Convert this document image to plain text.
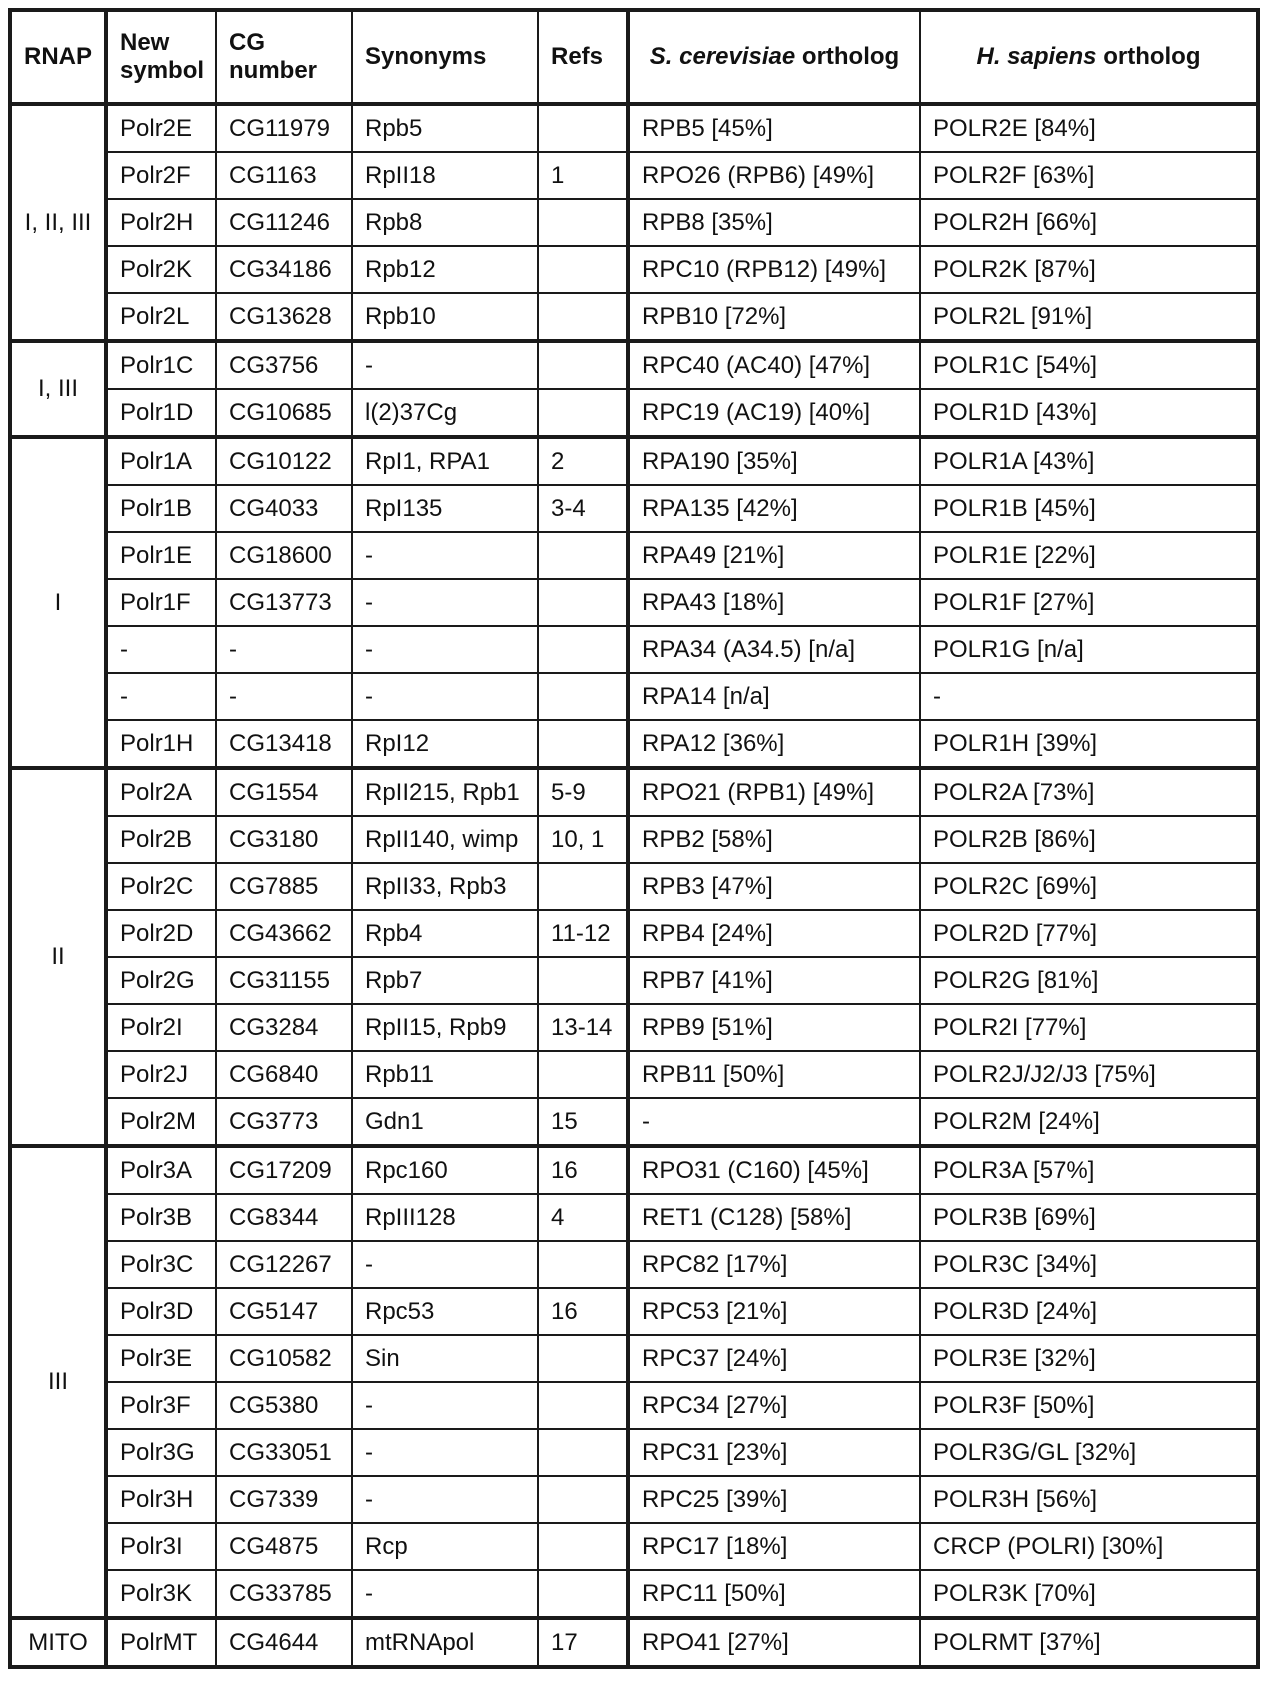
RNAP	New symbol	CG number	Synonyms	Refs	S. cerevisiae ortholog	H. sapiens ortholog
I, II, III	Polr2E	CG11979	Rpb5		RPB5 [45%]	POLR2E [84%]
	Polr2F	CG1163	RpII18	1	RPO26 (RPB6) [49%]	POLR2F [63%]
	Polr2H	CG11246	Rpb8		RPB8 [35%]	POLR2H [66%]
	Polr2K	CG34186	Rpb12		RPC10 (RPB12) [49%]	POLR2K [87%]
	Polr2L	CG13628	Rpb10		RPB10 [72%]	POLR2L [91%]
I, III	Polr1C	CG3756	-		RPC40 (AC40) [47%]	POLR1C [54%]
	Polr1D	CG10685	l(2)37Cg		RPC19 (AC19) [40%]	POLR1D [43%]
I	Polr1A	CG10122	RpI1, RPA1	2	RPA190 [35%]	POLR1A [43%]
	Polr1B	CG4033	RpI135	3-4	RPA135 [42%]	POLR1B [45%]
	Polr1E	CG18600	-		RPA49 [21%]	POLR1E [22%]
	Polr1F	CG13773	-		RPA43 [18%]	POLR1F [27%]
	-	-	-		RPA34 (A34.5) [n/a]	POLR1G [n/a]
	-	-	-		RPA14 [n/a]	-
	Polr1H	CG13418	RpI12		RPA12 [36%]	POLR1H [39%]
II	Polr2A	CG1554	RpII215, Rpb1	5-9	RPO21 (RPB1) [49%]	POLR2A [73%]
	Polr2B	CG3180	RpII140, wimp	10, 1	RPB2 [58%]	POLR2B [86%]
	Polr2C	CG7885	RpII33, Rpb3		RPB3 [47%]	POLR2C [69%]
	Polr2D	CG43662	Rpb4	11-12	RPB4 [24%]	POLR2D [77%]
	Polr2G	CG31155	Rpb7		RPB7 [41%]	POLR2G [81%]
	Polr2I	CG3284	RpII15, Rpb9	13-14	RPB9 [51%]	POLR2I [77%]
	Polr2J	CG6840	Rpb11		RPB11 [50%]	POLR2J/J2/J3 [75%]
	Polr2M	CG3773	Gdn1	15	-	POLR2M [24%]
III	Polr3A	CG17209	Rpc160	16	RPO31 (C160) [45%]	POLR3A [57%]
	Polr3B	CG8344	RpIII128	4	RET1 (C128) [58%]	POLR3B [69%]
	Polr3C	CG12267	-		RPC82 [17%]	POLR3C [34%]
	Polr3D	CG5147	Rpc53	16	RPC53 [21%]	POLR3D [24%]
	Polr3E	CG10582	Sin		RPC37 [24%]	POLR3E [32%]
	Polr3F	CG5380	-		RPC34 [27%]	POLR3F [50%]
	Polr3G	CG33051	-		RPC31 [23%]	POLR3G/GL [32%]
	Polr3H	CG7339	-		RPC25 [39%]	POLR3H [56%]
	Polr3I	CG4875	Rcp		RPC17 [18%]	CRCP (POLRI) [30%]
	Polr3K	CG33785	-		RPC11 [50%]	POLR3K [70%]
MITO	PolrMT	CG4644	mtRNApol	17	RPO41 [27%]	POLRMT [37%]
